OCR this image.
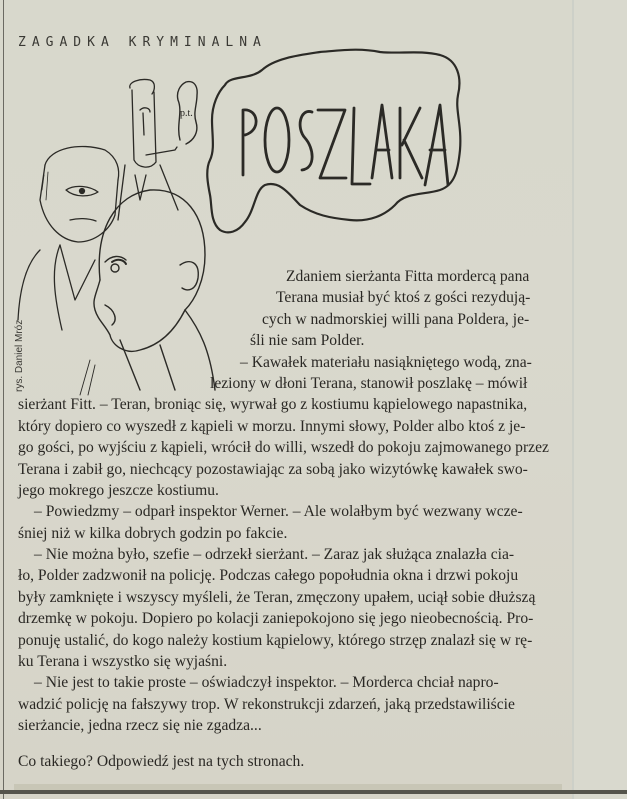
ZAGADKA KRYMINALNA
p.t.
rys. Daniel Mróz
Zdaniem sierżanta Fitta mordercą pana
Terana musiał być ktoś z gości rezydują-
cych w nadmorskiej willi pana Poldera, je-
śli nie sam Polder.
– Kawałek materiału nasiąkniętego wodą, zna-
leziony w dłoni Terana, stanowił poszlakę – mówił
sierżant Fitt. – Teran, broniąc się, wyrwał go z kostiumu kąpielowego napastnika,
który dopiero co wyszedł z kąpieli w morzu. Innymi słowy, Polder albo ktoś z je-
go gości, po wyjściu z kąpieli, wrócił do willi, wszedł do pokoju zajmowanego przez
Terana i zabił go, niechcący pozostawiając za sobą jako wizytówkę kawałek swo-
jego mokrego jeszcze kostiumu.
– Powiedzmy – odparł inspektor Werner. – Ale wolałbym być wezwany wcze-
śniej niż w kilka dobrych godzin po fakcie.
– Nie można było, szefie – odrzekł sierżant. – Zaraz jak służąca znalazła cia-
ło, Polder zadzwonił na policję. Podczas całego popołudnia okna i drzwi pokoju
były zamknięte i wszyscy myśleli, że Teran, zmęczony upałem, uciął sobie dłuższą
drzemkę w pokoju. Dopiero po kolacji zaniepokojono się jego nieobecnością. Pro-
ponuję ustalić, do kogo należy kostium kąpielowy, którego strzęp znalazł się w rę-
ku Terana i wszystko się wyjaśni.
– Nie jest to takie proste – oświadczył inspektor. – Morderca chciał napro-
wadzić policję na fałszywy trop. W rekonstrukcji zdarzeń, jaką przedstawiliście
sierżancie, jedna rzecz się nie zgadza...
Co takiego? Odpowiedź jest na tych stronach.
